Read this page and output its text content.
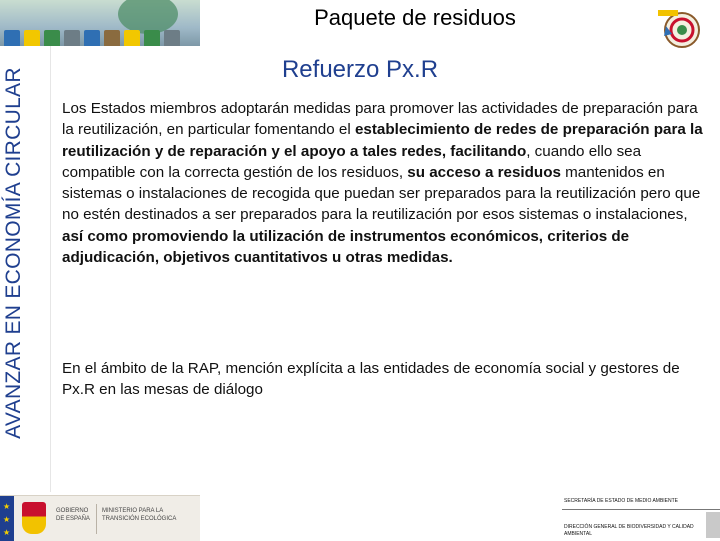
AVANZAR EN ECONOMÍA CIRCULAR
Paquete de residuos
Refuerzo Px.R
Los Estados miembros adoptarán medidas para promover las actividades de preparación para la reutilización, en particular fomentando el establecimiento de redes de preparación para la reutilización y de reparación y el apoyo a tales redes, facilitando, cuando ello sea compatible con la correcta gestión de los residuos, su acceso a residuos mantenidos en sistemas o instalaciones de recogida que puedan ser preparados para la reutilización pero que no estén destinados a ser preparados para la reutilización por esos sistemas o instalaciones, así como promoviendo la utilización de instrumentos económicos, criterios de adjudicación, objetivos cuantitativos u otras medidas.
En el ámbito de la RAP, mención explícita a las entidades de economía social y gestores de Px.R en las mesas de diálogo
★
★
★
GOBIERNO DE ESPAÑA
MINISTERIO PARA LA TRANSICIÓN ECOLÓGICA
SECRETARÍA DE ESTADO DE MEDIO AMBIENTE
DIRECCIÓN GENERAL DE BIODIVERSIDAD Y CALIDAD AMBIENTAL
